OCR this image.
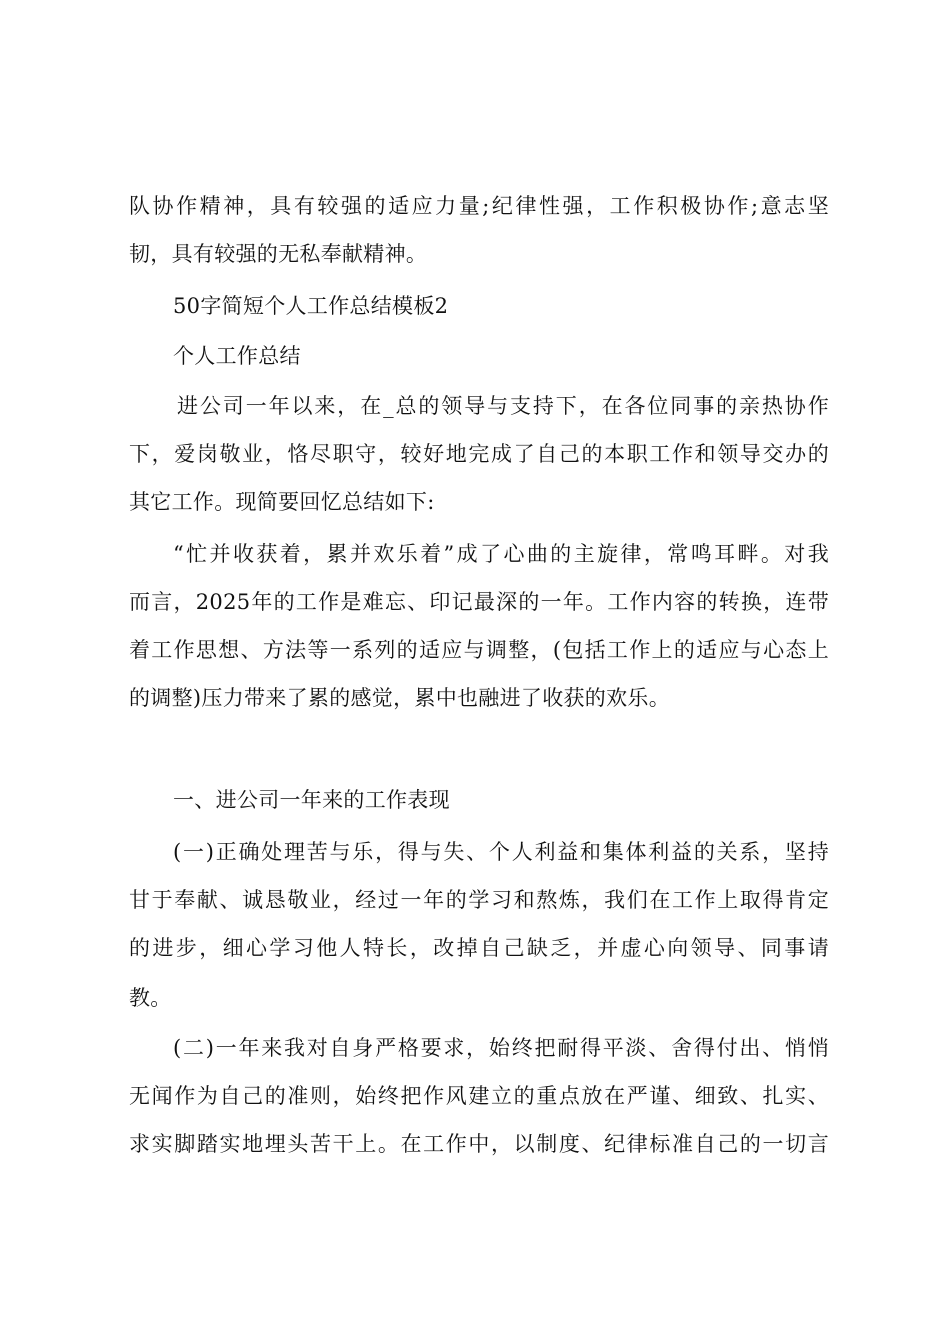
队协作精神，具有较强的适应力量;纪律性强，工作积极协作;意志坚
韧，具有较强的无私奉献精神。
50字简短个人工作总结模板2
个人工作总结
进公司一年以来，在_总的领导与支持下，在各位同事的亲热协作
下，爱岗敬业，恪尽职守，较好地完成了自己的本职工作和领导交办的
其它工作。现简要回忆总结如下:
“忙并收获着，累并欢乐着”成了心曲的主旋律，常鸣耳畔。对我
而言，2025年的工作是难忘、印记最深的一年。工作内容的转换，连带
着工作思想、方法等一系列的适应与调整，(包括工作上的适应与心态上
的调整)压力带来了累的感觉，累中也融进了收获的欢乐。
一、进公司一年来的工作表现
(一)正确处理苦与乐，得与失、个人利益和集体利益的关系，坚持
甘于奉献、诚恳敬业，经过一年的学习和熬炼，我们在工作上取得肯定
的进步，细心学习他人特长，改掉自己缺乏，并虚心向领导、同事请
教。
(二)一年来我对自身严格要求，始终把耐得平淡、舍得付出、悄悄
无闻作为自己的准则，始终把作风建立的重点放在严谨、细致、扎实、
求实脚踏实地埋头苦干上。在工作中，以制度、纪律标准自己的一切言
